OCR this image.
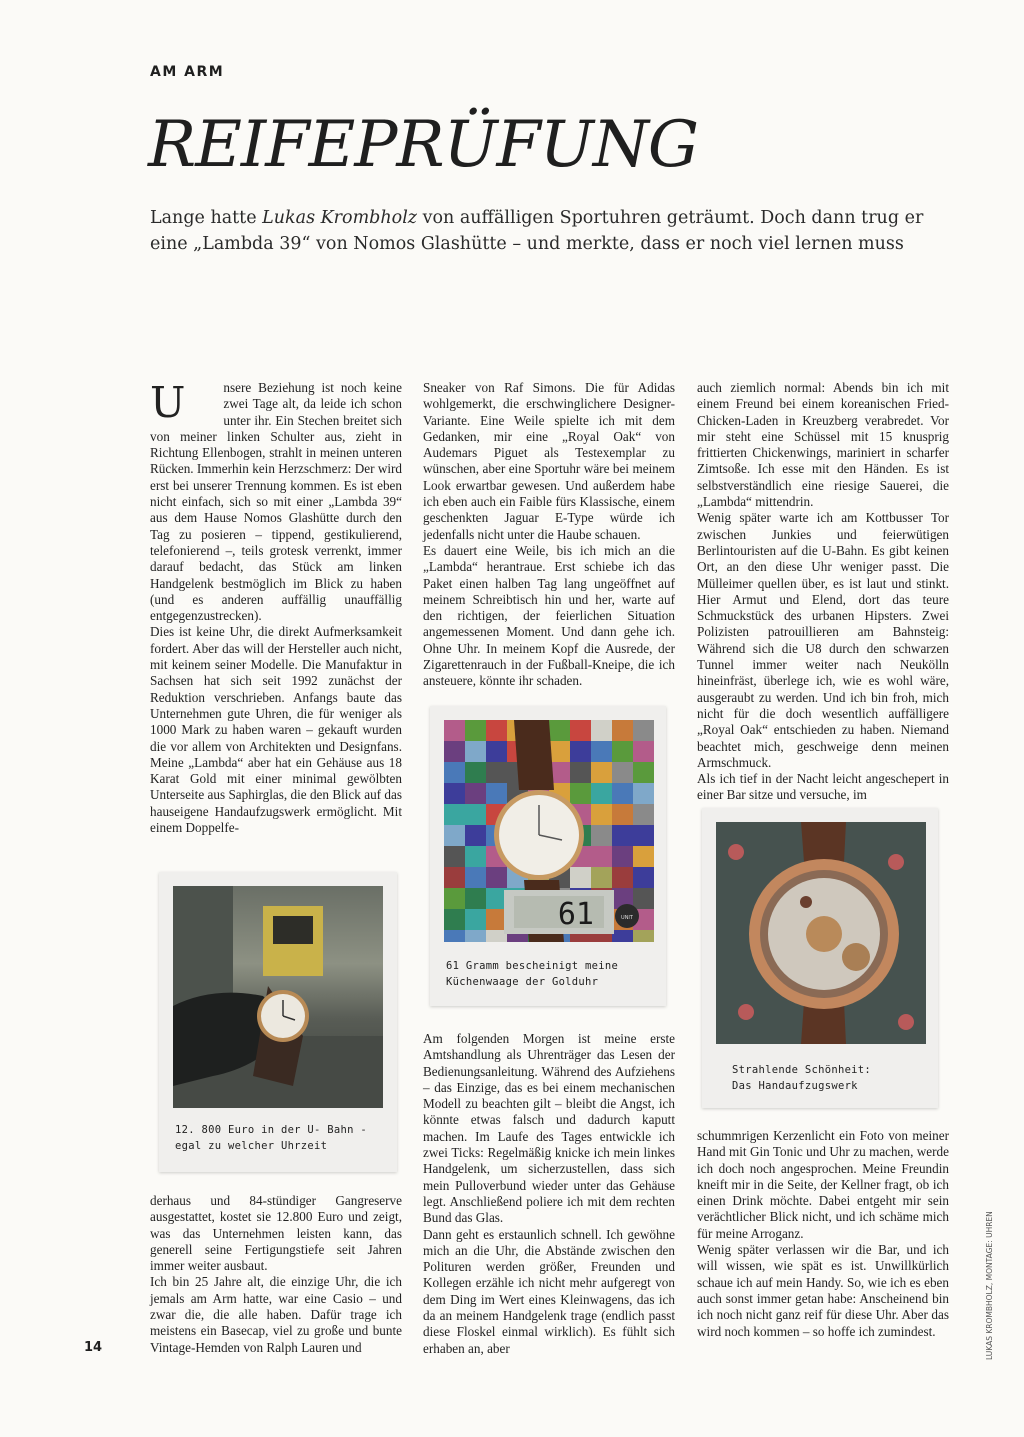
AM ARM
REIFEPRÜFUNG

Lange hatte Lukas Krombholz von auffälligen Sportuhren geträumt. Doch dann trug er eine „Lambda 39“ von Nomos Glashütte – und merkte, dass er noch viel lernen muss

U	nsere Beziehung ist noch keine zwei Tage alt, da leide ich schon unter ihr. Ein Stechen breitet sich von meiner linken Schulter aus, zieht in Richtung Ellenbogen, strahlt in meinen unteren Rücken. Immerhin kein Herzschmerz: Der wird erst bei unserer Trennung kommen. Es ist eben nicht einfach, sich so mit einer „Lambda 39“ aus dem Hause Nomos Glashütte durch den Tag zu posieren – tippend, gestikulierend, telefonierend –, teils grotesk verrenkt, immer darauf bedacht, das Stück am linken Handgelenk bestmöglich im Blick zu haben (und es anderen auffällig unauffällig entgegenzustrecken).

Dies ist keine Uhr, die direkt Aufmerksamkeit fordert. Aber das will der Hersteller auch nicht, mit keinem seiner Modelle. Die Manufaktur in Sachsen hat sich seit 1992 zunächst der Reduktion verschrieben. Anfangs baute das Unternehmen gute Uhren, die für weniger als 1000 Mark zu haben waren – gekauft wurden die vor allem von Architekten und Designfans. Meine „Lambda“ aber hat ein Gehäuse aus 18 Karat Gold mit einer minimal gewölbten Unterseite aus Saphirglas, die den Blick auf das hauseigene Handaufzugswerk ermöglicht. Mit einem Doppelfe-

derhaus und 84-stündiger Gangreserve ausgestattet, kostet sie 12.800 Euro und zeigt, was das Unternehmen leisten kann, das generell seine Fertigungstiefe seit Jahren immer weiter ausbaut.

Ich bin 25 Jahre alt, die einzige Uhr, die ich jemals am Arm hatte, war eine Casio – und zwar die, die alle haben. Dafür trage ich meistens ein Basecap, viel zu große und bunte Vintage-Hemden von Ralph Lauren und

Sneaker von Raf Simons. Die für Adidas wohlgemerkt, die erschwinglichere Designer-Variante. Eine Weile spielte ich mit dem Gedanken, mir eine „Royal Oak“ von Audemars Piguet als Testexemplar zu wünschen, aber eine Sportuhr wäre bei meinem Look erwartbar gewesen. Und außerdem habe ich eben auch ein Faible fürs Klassische, einem geschenkten Jaguar E-Type würde ich jedenfalls nicht unter die Haube schauen.

Es dauert eine Weile, bis ich mich an die „Lambda“ herantraue. Erst schiebe ich das Paket einen halben Tag lang ungeöffnet auf meinem Schreibtisch hin und her, warte auf den richtigen, der feierlichen Situation angemessenen Moment. Und dann gehe ich. Ohne Uhr. In meinem Kopf die Ausrede, der Zigarettenrauch in der Fußball-Kneipe, die ich ansteuere, könnte ihr schaden.

Am folgenden Morgen ist meine erste Amtshandlung als Uhrenträger das Lesen der Bedienungsanleitung. Während des Aufziehens – das Einzige, das es bei einem mechanischen Modell zu beachten gilt – bleibt die Angst, ich könnte etwas falsch und dadurch kaputt machen. Im Laufe des Tages entwickle ich zwei Ticks: Regelmäßig knicke ich mein linkes Handgelenk, um sicherzustellen, dass sich mein Pulloverbund wieder unter das Gehäuse legt. Anschließend poliere ich mit dem rechten Bund das Glas.

Dann geht es erstaunlich schnell. Ich gewöhne mich an die Uhr, die Abstände zwischen den Polituren werden größer, Freunden und Kollegen erzähle ich nicht mehr aufgeregt von dem Ding im Wert eines Kleinwagens, das ich da an meinem Handgelenk trage (endlich passt diese Floskel einmal wirklich). Es fühlt sich erhaben an, aber

auch ziemlich normal: Abends bin ich mit einem Freund bei einem koreanischen Fried-Chicken-Laden in Kreuzberg verabredet. Vor mir steht eine Schüssel mit 15 knusprig frittierten Chickenwings, mariniert in scharfer Zimtsoße. Ich esse mit den Händen. Es ist selbstverständlich eine riesige Sauerei, die „Lambda“ mittendrin.

Wenig später warte ich am Kottbusser Tor zwischen Junkies und feierwütigen Berlintouristen auf die U-Bahn. Es gibt keinen Ort, an den diese Uhr weniger passt. Die Mülleimer quellen über, es ist laut und stinkt. Hier Armut und Elend, dort das teure Schmuckstück des urbanen Hipsters. Zwei Polizisten patrouillieren am Bahnsteig: Während sich die U8 durch den schwarzen Tunnel immer weiter nach Neukölln hineinfräst, überlege ich, wie es wohl wäre, ausgeraubt zu werden. Und ich bin froh, mich nicht für die doch wesentlich auffälligere „Royal Oak“ entschieden zu haben. Niemand beachtet mich, geschweige denn meinen Armschmuck.

Als ich tief in der Nacht leicht angeschepert in einer Bar sitze und versuche, im

schummrigen Kerzenlicht ein Foto von meiner Hand mit Gin Tonic und Uhr zu machen, werde ich doch noch angesprochen. Meine Freundin kneift mir in die Seite, der Kellner fragt, ob ich einen Drink möchte. Dabei entgeht mir sein verächtlicher Blick nicht, und ich schäme mich für meine Arroganz.

Wenig später verlassen wir die Bar, und ich will wissen, wie spät es ist. Unwillkürlich schaue ich auf mein Handy. So, wie ich es eben auch sonst immer getan habe: Anscheinend bin ich noch nicht ganz reif für diese Uhr. Aber das wird noch kommen – so hoffe ich zumindest.

12. 800 Euro in der U- Bahn -
egal zu welcher Uhrzeit
61	UNIT
61 Gramm bescheinigt meine
Küchenwaage der Golduhr
Strahlende Schönheit:
Das Handaufzugswerk
14	LUKAS KROMBHOLZ, MONTAGE: UHREN
